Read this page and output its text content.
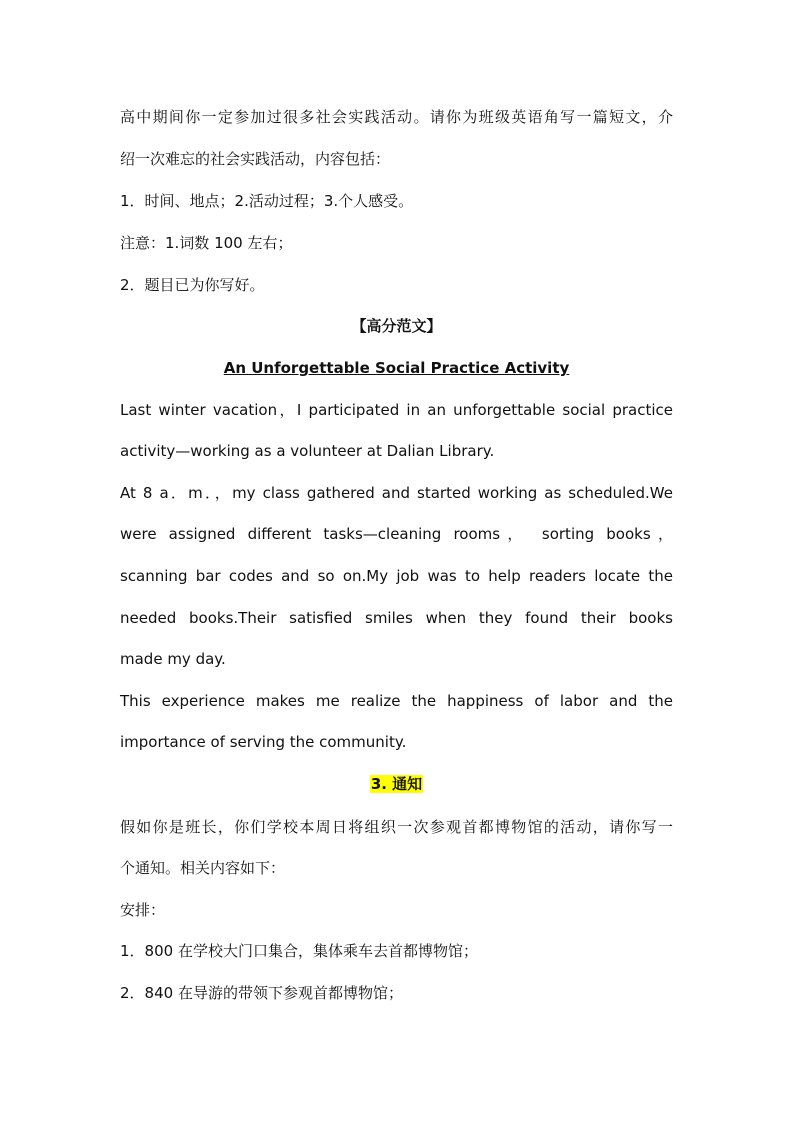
高中期间你一定参加过很多社会实践活动。请你为班级英语角写一篇短文，介
绍一次难忘的社会实践活动，内容包括：
1．时间、地点；2.活动过程；3.个人感受。
注意：1.词数 100 左右；
2．题目已为你写好。
【高分范文】
An Unforgettable Social Practice Activity
Last winter vacation，I participated in an unforgettable social practice
activity—working as a volunteer at Dalian Library.
At 8 a．m．，my class gathered and started working as scheduled.We
were assigned different tasks—cleaning rooms， sorting books，
scanning bar codes and so on.My job was to help readers locate the
needed books.Their satisfied smiles when they found their books
made my day.
This experience makes me realize the happiness of labor and the
importance of serving the community.
3. 通知
假如你是班长，你们学校本周日将组织一次参观首都博物馆的活动，请你写一
个通知。相关内容如下：
安排：
1．800 在学校大门口集合，集体乘车去首都博物馆；
2．840 在导游的带领下参观首都博物馆；
